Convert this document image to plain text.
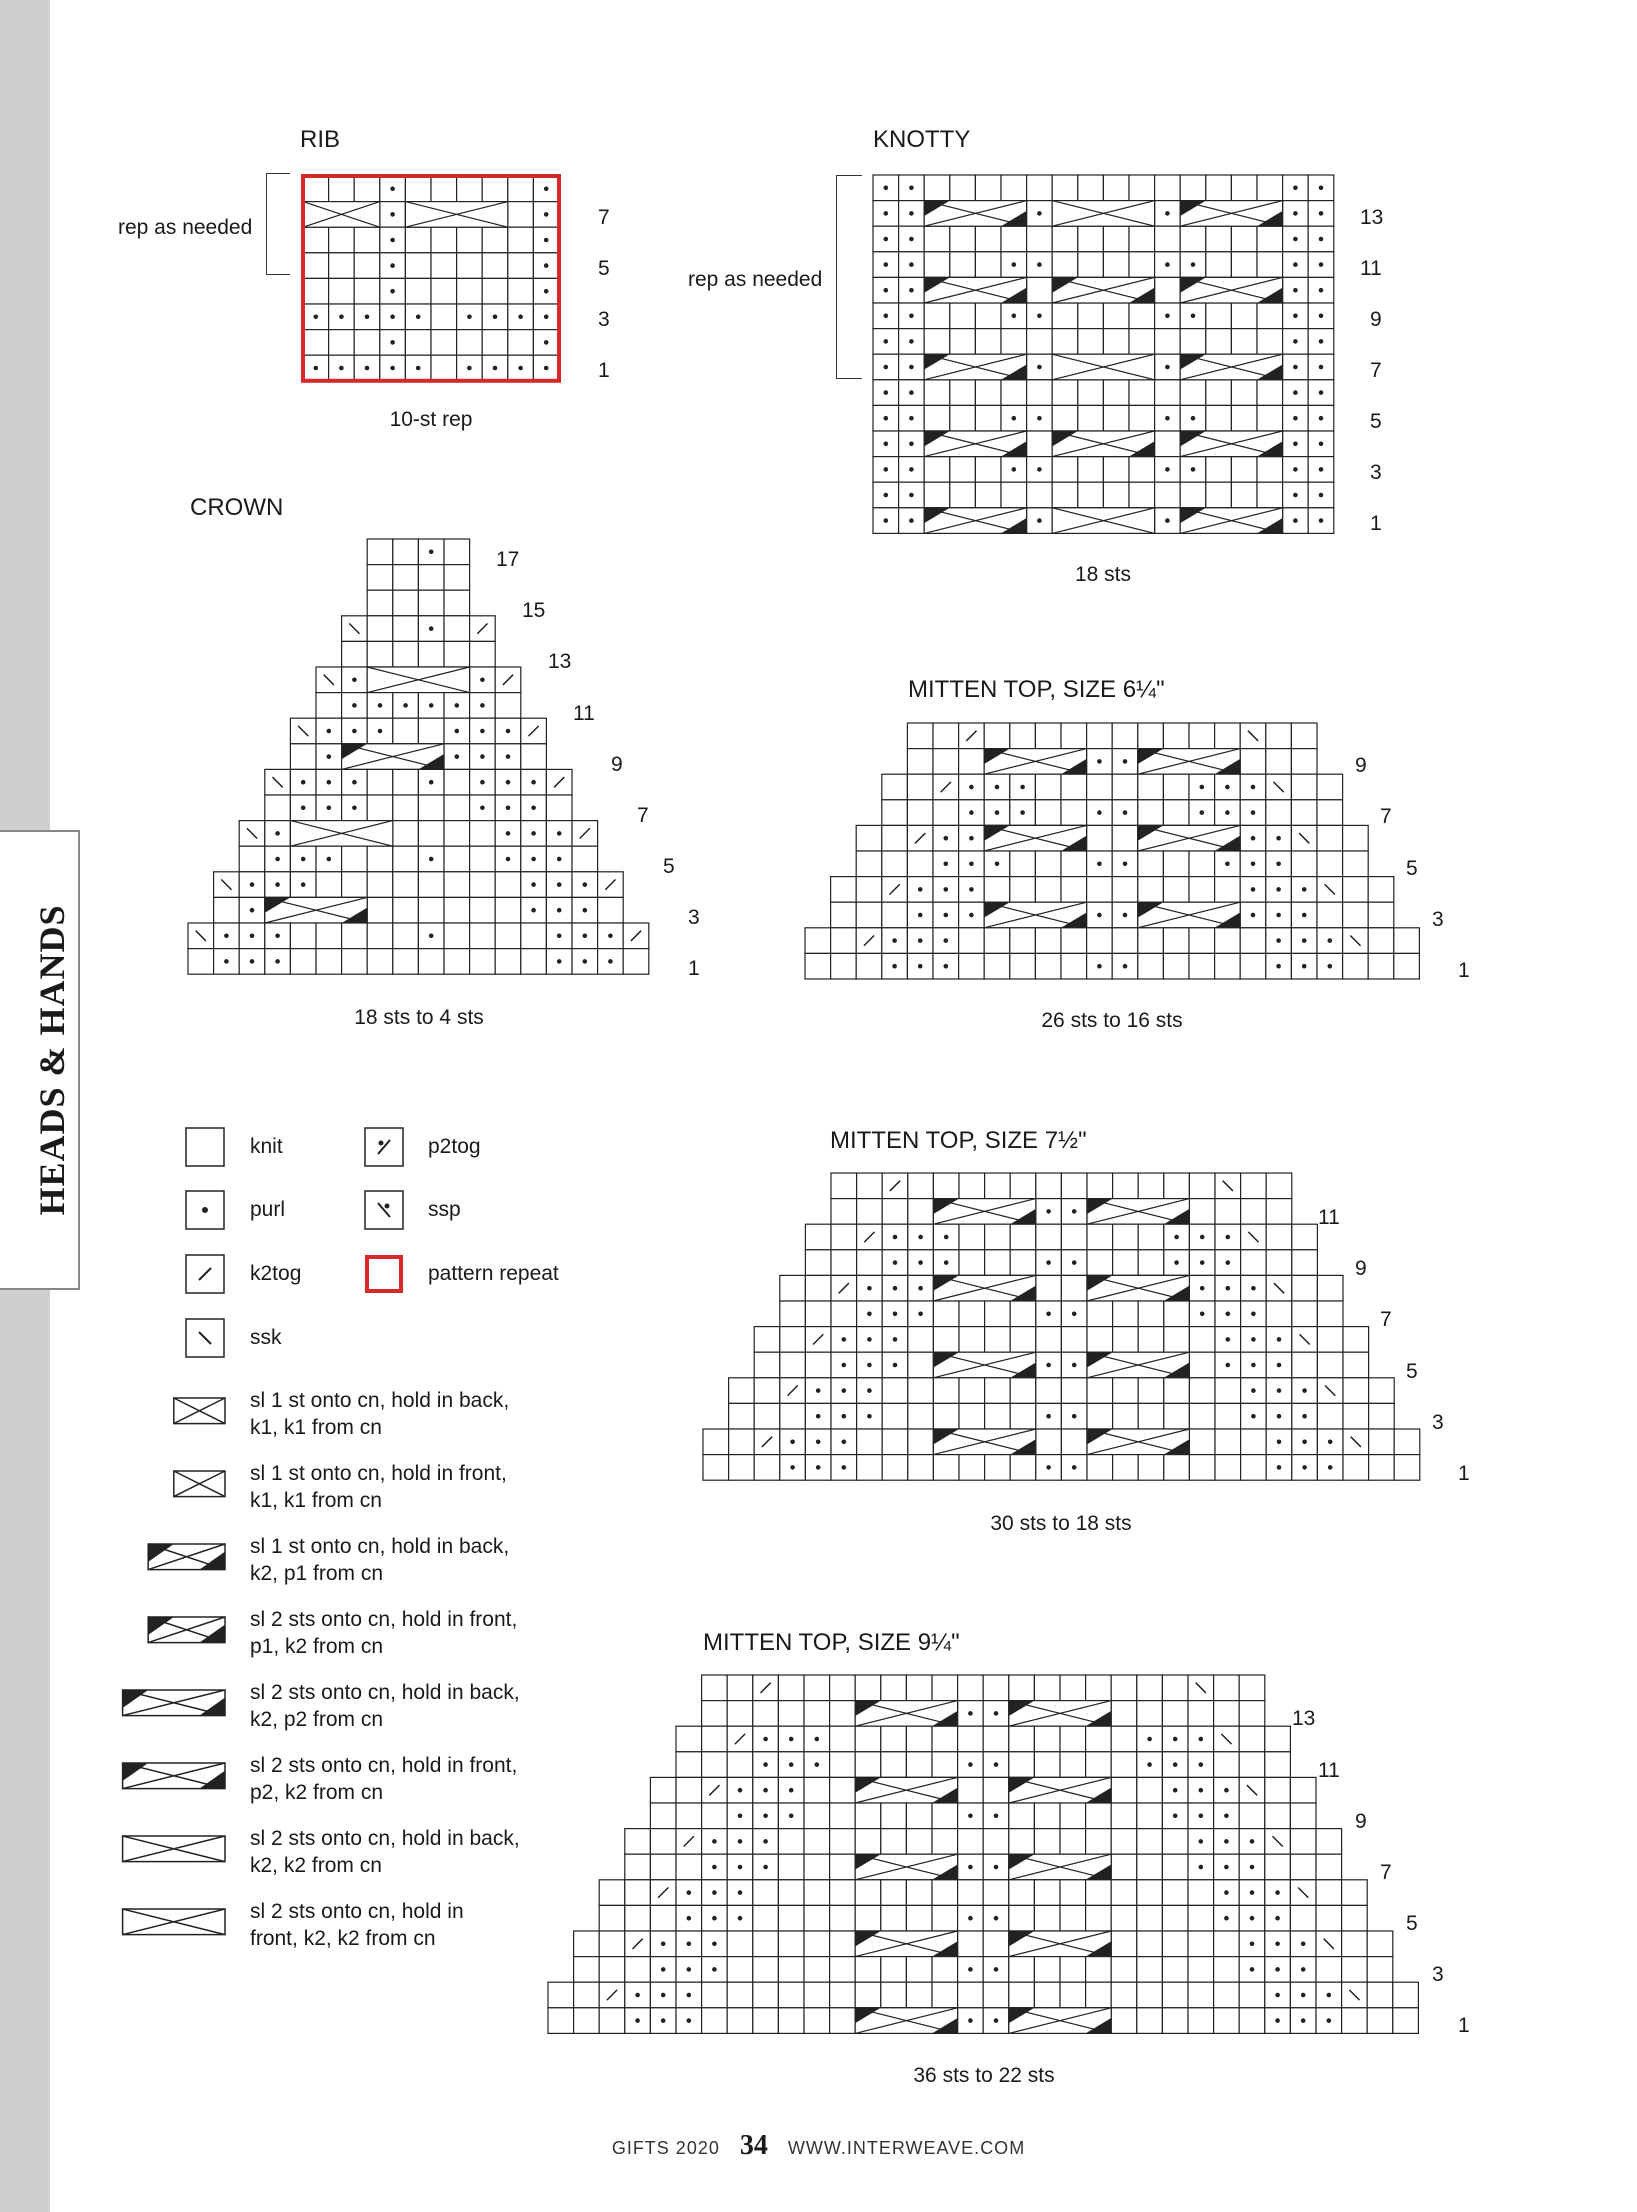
HEADS & HANDS
RIB
rep as needed	7
5
3
1
10-st rep
KNOTTY
rep as needed
13
11
9
7
5
3
1
18 sts
CROWN
17
15
13
11
9
7
5
3
1
18 sts to 4 sts
MITTEN TOP, SIZE 6¼"
9
7
5
3
1
26 sts to 16 sts
MITTEN TOP, SIZE 7½"
11
9
7
5
3
1
30 sts to 18 sts
MITTEN TOP, SIZE 9¼"
13
11
9
7
5
3
1
36 sts to 22 sts
knit
purl
k2tog
ssk
p2tog
ssp
pattern repeat
sl 1 st onto cn, hold in back,
k1, k1 from cn
sl 1 st onto cn, hold in front,
k1, k1 from cn
sl 1 st onto cn, hold in back,
k2, p1 from cn
sl 2 sts onto cn, hold in front,
p1, k2 from cn
sl 2 sts onto cn, hold in back,
k2, p2 from cn
sl 2 sts onto cn, hold in front,
p2, k2 from cn
sl 2 sts onto cn, hold in back,
k2, k2 from cn
sl 2 sts onto cn, hold in
front, k2, k2 from cn
GIFTS 2020 34 WWW.INTERWEAVE.COM
